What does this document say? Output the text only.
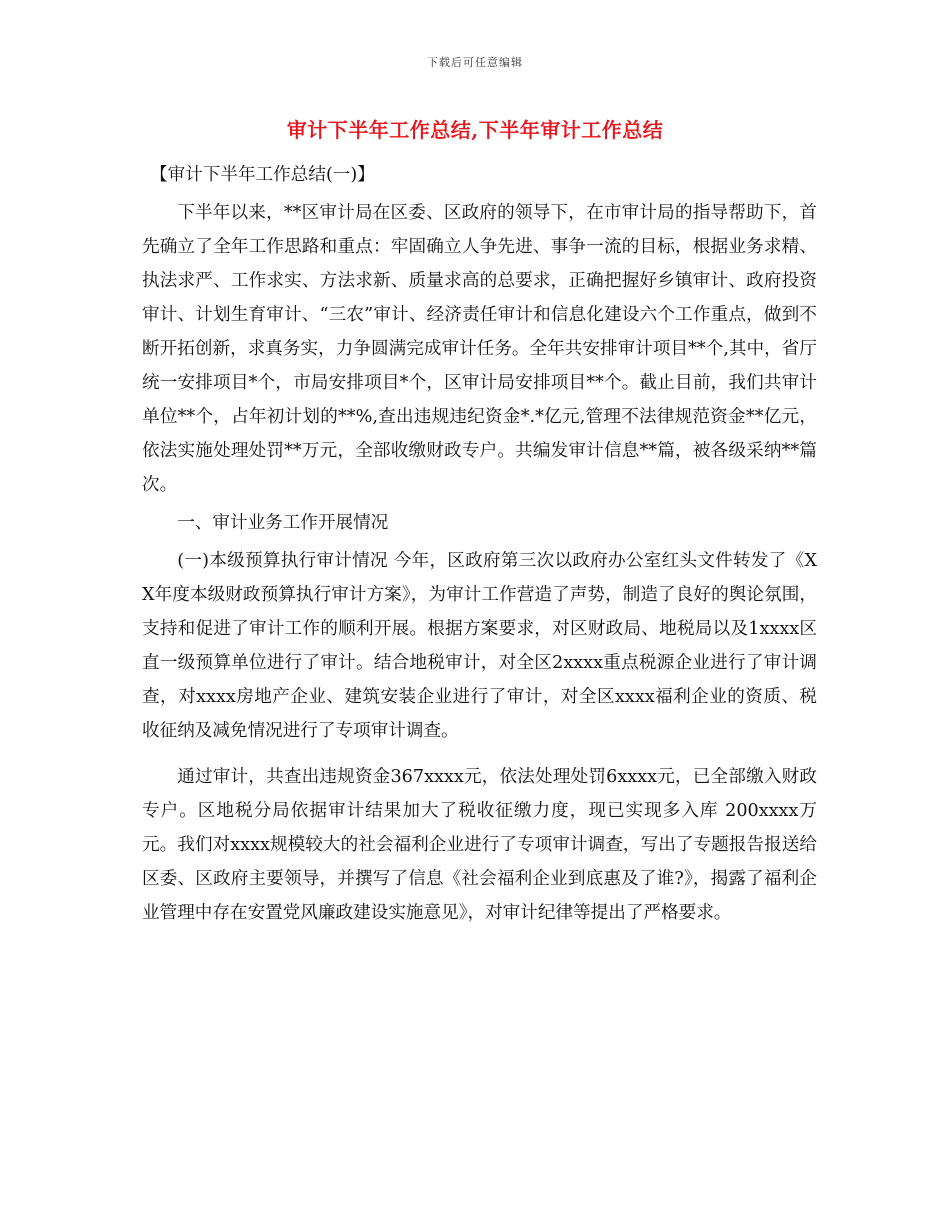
下载后可任意编辑
审计下半年工作总结,下半年审计工作总结

【审计下半年工作总结(一)】

下半年以来，**区审计局在区委、区政府的领导下，在市审计局的指导帮助下，首先确立了全年工作思路和重点：牢固确立人争先进、事争一流的目标，根据业务求精、执法求严、工作求实、方法求新、质量求高的总要求，正确把握好乡镇审计、政府投资审计、计划生育审计、“三农”审计、经济责任审计和信息化建设六个工作重点，做到不断开拓创新，求真务实，力争圆满完成审计任务。全年共安排审计项目**个,其中，省厅统一安排项目*个，市局安排项目*个，区审计局安排项目**个。截止目前，我们共审计单位**个，占年初计划的**%,查出违规违纪资金*.*亿元,管理不法律规范资金**亿元，依法实施处理处罚**万元，全部收缴财政专户。共编发审计信息**篇，被各级采纳**篇次。

一、审计业务工作开展情况

(一)本级预算执行审计情况 今年，区政府第三次以政府办公室红头文件转发了《XX年度本级财政预算执行审计方案》，为审计工作营造了声势，制造了良好的舆论氛围，支持和促进了审计工作的顺利开展。根据方案要求，对区财政局、地税局以及1xxxx区直一级预算单位进行了审计。结合地税审计，对全区2xxxx重点税源企业进行了审计调查，对xxxx房地产企业、建筑安装企业进行了审计，对全区xxxx福利企业的资质、税收征纳及减免情况进行了专项审计调查。

通过审计，共查出违规资金367xxxx元，依法处理处罚6xxxx元，已全部缴入财政专户。区地税分局依据审计结果加大了税收征缴力度，现已实现多入库 200xxxx万元。我们对xxxx规模较大的社会福利企业进行了专项审计调查，写出了专题报告报送给区委、区政府主要领导，并撰写了信息《社会福利企业到底惠及了谁?》，揭露了福利企业管理中存在安置党风廉政建设实施意见》，对审计纪律等提出了严格要求。
